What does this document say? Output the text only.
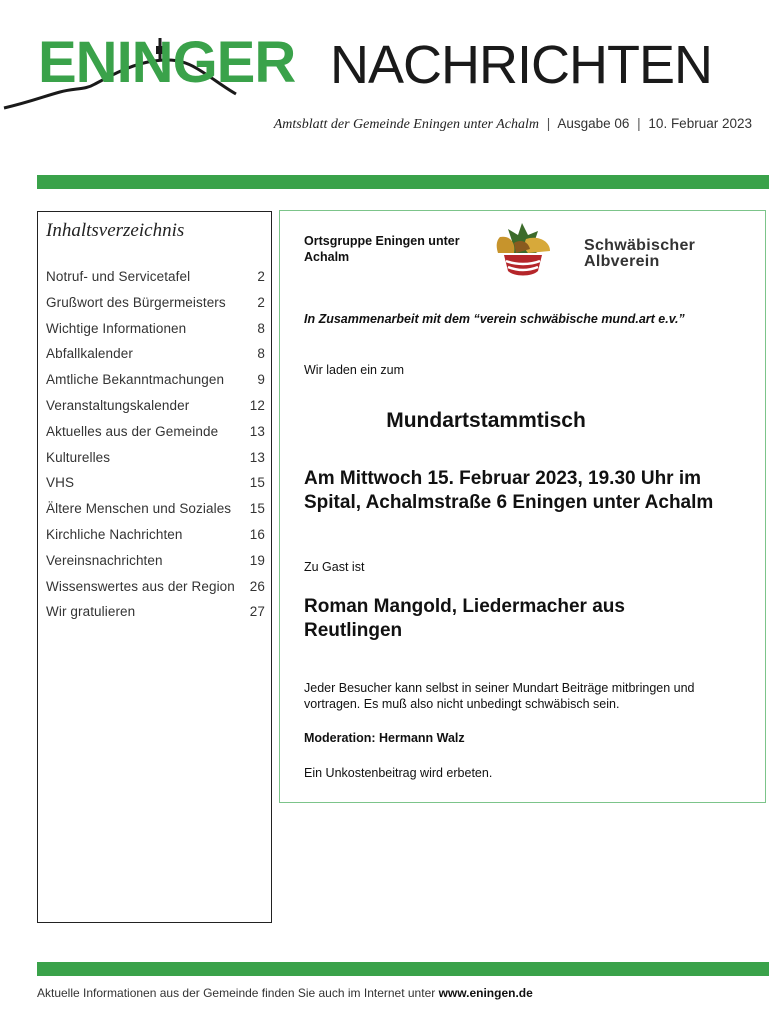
ENINGER NACHRICHTEN
Amtsblatt der Gemeinde Eningen unter Achalm | Ausgabe 06 | 10. Februar 2023
Inhaltsverzeichnis
Notruf- und Servicetafel	2
Grußwort des Bürgermeisters 2
Wichtige Informationen	8
Abfallkalender	8
Amtliche Bekanntmachungen 9
Veranstaltungskalender	12
Aktuelles aus der Gemeinde 13
Kulturelles	13
VHS	15
Ältere Menschen und Soziales 15
Kirchliche Nachrichten	16
Vereinsnachrichten	19
Wissenswertes aus der Region 26
Wir gratulieren	27
Ortsgruppe Eningen unter Achalm
Schwäbischer
Albverein
In Zusammenarbeit mit dem “verein schwäbische mund.art e.v.”
Wir laden ein zum
Mundartstammtisch
Am Mittwoch 15. Februar 2023, 19.30 Uhr im Spital, Achalmstraße 6 Eningen unter Achalm
Zu Gast ist
Roman Mangold, Liedermacher aus Reutlingen
Jeder Besucher kann selbst in seiner Mundart Beiträge mitbringen und vortragen. Es muß also nicht unbedingt schwäbisch sein.
Moderation: Hermann Walz
Ein Unkostenbeitrag wird erbeten.
Aktuelle Informationen aus der Gemeinde finden Sie auch im Internet unter www.eningen.de
